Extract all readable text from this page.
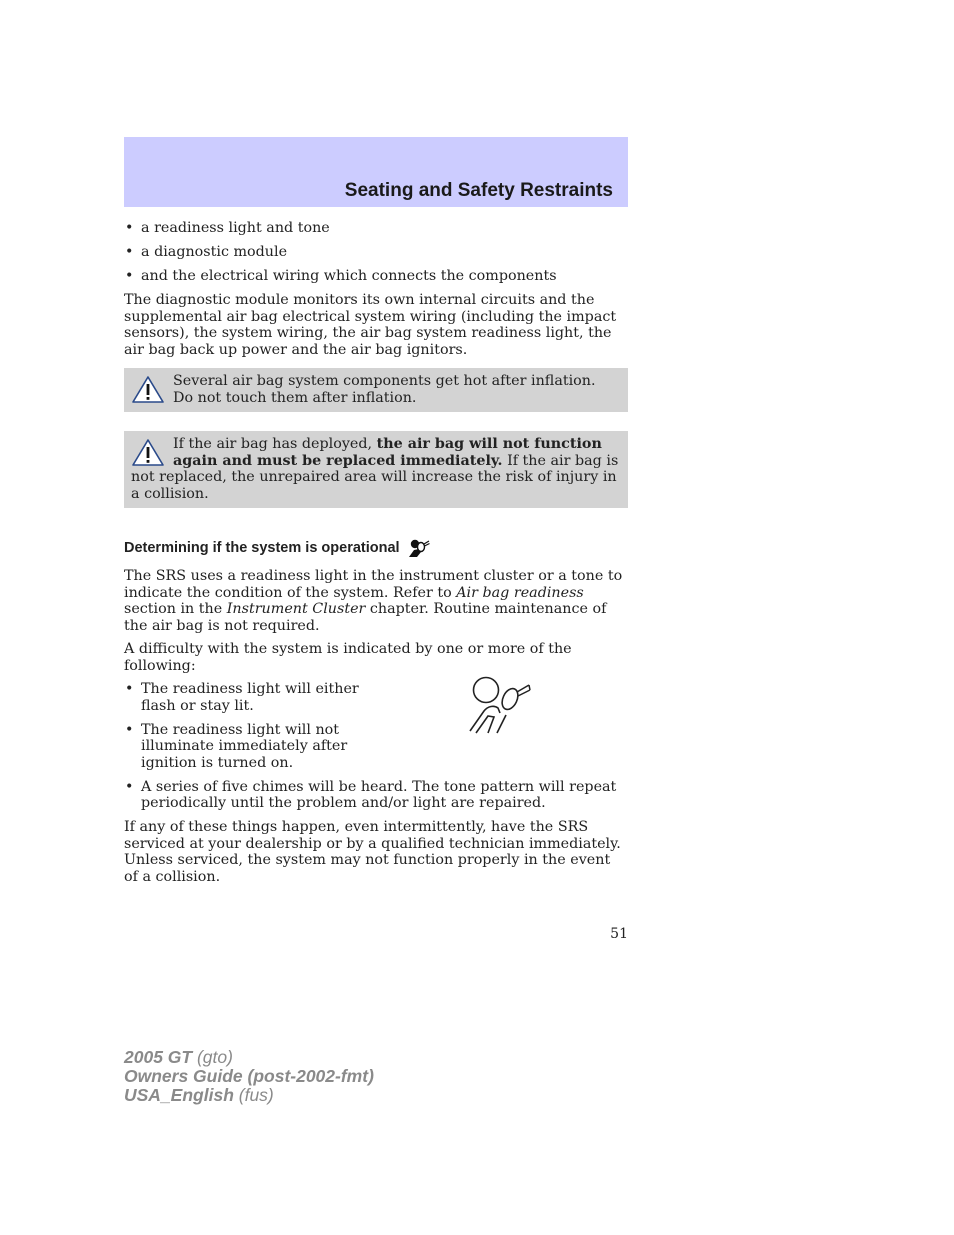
Seating and Safety Restraints
• a readiness light and tone
• a diagnostic module
• and the electrical wiring which connects the components

The diagnostic module monitors its own internal circuits and the supplemental air bag electrical system wiring (including the impact sensors), the system wiring, the air bag system readiness light, the air bag back up power and the air bag ignitors.

Several air bag system components get hot after inflation. Do not touch them after inflation.
If the air bag has deployed, the air bag will not function again and must be replaced immediately. If the air bag is not replaced, the unrepaired area will increase the risk of injury in a collision.
Determining if the system is operational

The SRS uses a readiness light in the instrument cluster or a tone to indicate the condition of the system. Refer to Air bag readiness section in the Instrument Cluster chapter. Routine maintenance of the air bag is not required.

A difficulty with the system is indicated by one or more of the following:

• The readiness light will either flash or stay lit.
• The readiness light will not illuminate immediately after ignition is turned on.
• A series of five chimes will be heard. The tone pattern will repeat periodically until the problem and/or light are repaired.

If any of these things happen, even intermittently, have the SRS serviced at your dealership or by a qualified technician immediately. Unless serviced, the system may not function properly in the event of a collision.

51
2005 GT (gto)
Owners Guide (post-2002-fmt)
USA_English (fus)
